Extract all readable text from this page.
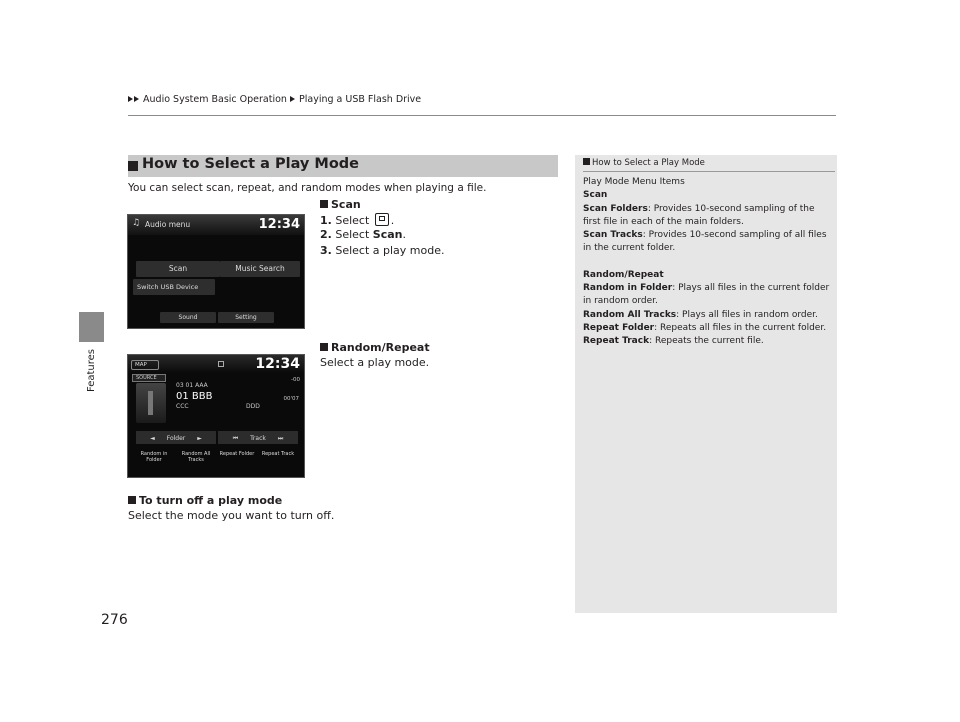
Audio System Basic Operation Playing a USB Flash Drive
Features
276
How to Select a Play Mode
You can select scan, repeat, and random modes when playing a file.
Scan
1. Select .
2. Select Scan.
3. Select a play mode.
Random/Repeat
Select a play mode.
To turn off a play mode
Select the mode you want to turn off.
♫ Audio menu	12:34
Scan	Music Search
Switch USB Device
Sound	Setting
MAP	12:34
SOURCE
03 01 AAA
01 BBB
CCC	DDD
-00
00'07
◄ Folder ►	⏮ Track ⏭
Random in Folder
Random All Tracks
Repeat Folder	Repeat Track
How to Select a Play Mode
Play Mode Menu Items
Scan
Scan Folders: Provides 10-second sampling of the first file in each of the main folders.
Scan Tracks: Provides 10-second sampling of all files in the current folder.
Random/Repeat
Random in Folder: Plays all files in the current folder in random order.
Random All Tracks: Plays all files in random order.
Repeat Folder: Repeats all files in the current folder.
Repeat Track: Repeats the current file.
